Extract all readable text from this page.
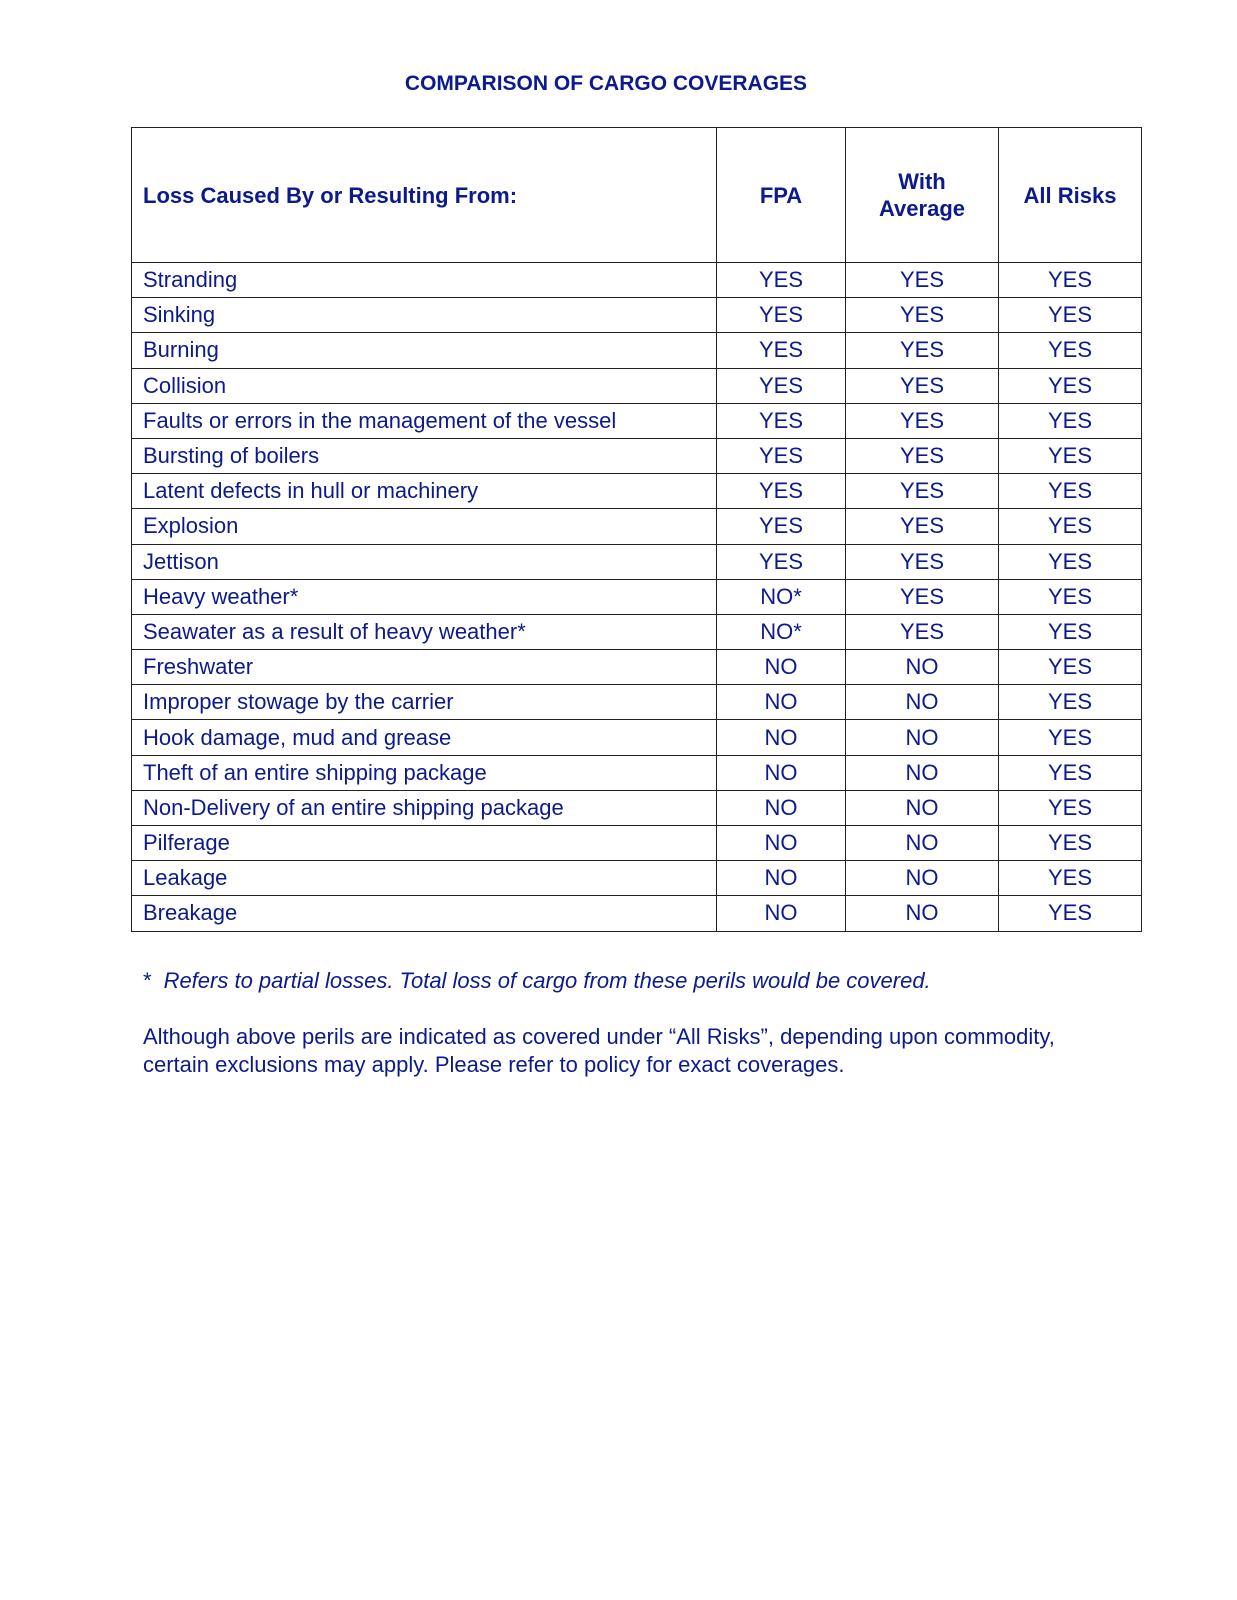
COMPARISON OF CARGO COVERAGES
Loss Caused By or Resulting From:	FPA	With Average	All Risks
Stranding	YES	YES	YES
Sinking	YES	YES	YES
Burning	YES	YES	YES
Collision	YES	YES	YES
Faults or errors in the management of the vessel	YES	YES	YES
Bursting of boilers	YES	YES	YES
Latent defects in hull or machinery	YES	YES	YES
Explosion	YES	YES	YES
Jettison	YES	YES	YES
Heavy weather*	NO*	YES	YES
Seawater as a result of heavy weather*	NO*	YES	YES
Freshwater	NO	NO	YES
Improper stowage by the carrier	NO	NO	YES
Hook damage, mud and grease	NO	NO	YES
Theft of an entire shipping package	NO	NO	YES
Non-Delivery of an entire shipping package	NO	NO	YES
Pilferage	NO	NO	YES
Leakage	NO	NO	YES
Breakage	NO	NO	YES
* Refers to partial losses. Total loss of cargo from these perils would be covered.
Although above perils are indicated as covered under “All Risks”, depending upon commodity, certain exclusions may apply. Please refer to policy for exact coverages.
